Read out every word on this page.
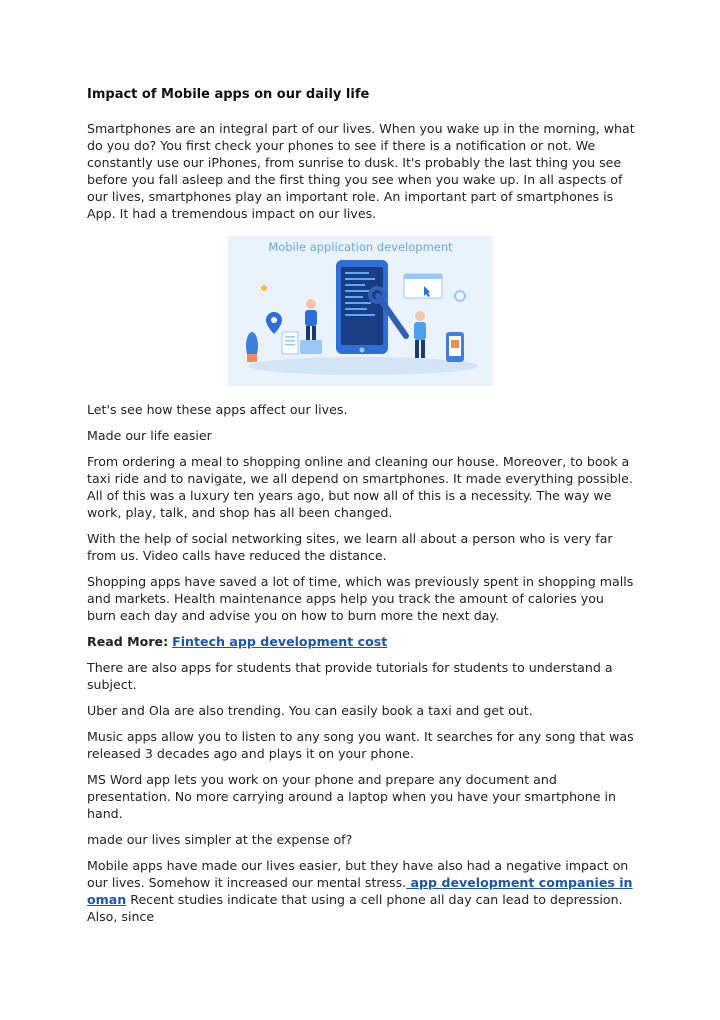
Impact of Mobile apps on our daily life

Smartphones are an integral part of our lives. When you wake up in the morning, what do you do? You first check your phones to see if there is a notification or not. We constantly use our iPhones, from sunrise to dusk. It's probably the last thing you see before you fall asleep and the first thing you see when you wake up. In all aspects of our lives, smartphones play an important role. An important part of smartphones is App. It had a tremendous impact on our lives.

Mobile application development

Let's see how these apps affect our lives.

Made our life easier

From ordering a meal to shopping online and cleaning our house. Moreover, to book a taxi ride and to navigate, we all depend on smartphones. It made everything possible. All of this was a luxury ten years ago, but now all of this is a necessity. The way we work, play, talk, and shop has all been changed.

With the help of social networking sites, we learn all about a person who is very far from us. Video calls have reduced the distance.

Shopping apps have saved a lot of time, which was previously spent in shopping malls and markets. Health maintenance apps help you track the amount of calories you burn each day and advise you on how to burn more the next day.

Read More: Fintech app development cost

There are also apps for students that provide tutorials for students to understand a subject.

Uber and Ola are also trending. You can easily book a taxi and get out.

Music apps allow you to listen to any song you want. It searches for any song that was released 3 decades ago and plays it on your phone.

MS Word app lets you work on your phone and prepare any document and presentation. No more carrying around a laptop when you have your smartphone in hand.

made our lives simpler at the expense of?

Mobile apps have made our lives easier, but they have also had a negative impact on our lives. Somehow it increased our mental stress. app development companies in oman Recent studies indicate that using a cell phone all day can lead to depression. Also, since
